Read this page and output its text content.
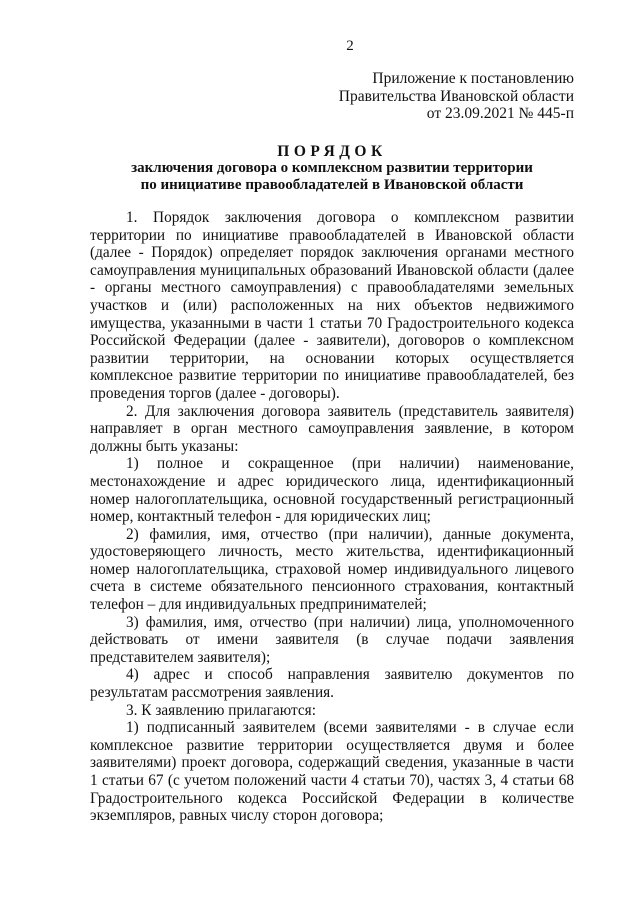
2
Приложение к постановлению
Правительства Ивановской области
от 23.09.2021 № 445-п
ПОРЯДОК
заключения договора о комплексном развитии территории
по инициативе правообладателей в Ивановской области

1. Порядок заключения договора о комплексном развитии территории по инициативе правообладателей в Ивановской области (далее - Порядок) определяет порядок заключения органами местного самоуправления муниципальных образований Ивановской области (далее - органы местного самоуправления) с правообладателями земельных участков и (или) расположенных на них объектов недвижимого имущества, указанными в части 1 статьи 70 Градостроительного кодекса Российской Федерации (далее - заявители), договоров о комплексном развитии территории, на основании которых осуществляется комплексное развитие территории по инициативе правообладателей, без проведения торгов (далее - договоры).

2. Для заключения договора заявитель (представитель заявителя) направляет в орган местного самоуправления заявление, в котором должны быть указаны:

1) полное и сокращенное (при наличии) наименование, местонахождение и адрес юридического лица, идентификационный номер налогоплательщика, основной государственный регистрационный номер, контактный телефон - для юридических лиц;

2) фамилия, имя, отчество (при наличии), данные документа, удостоверяющего личность, место жительства, идентификационный номер налогоплательщика, страховой номер индивидуального лицевого счета в системе обязательного пенсионного страхования, контактный телефон – для индивидуальных предпринимателей;

3) фамилия, имя, отчество (при наличии) лица, уполномоченного действовать от имени заявителя (в случае подачи заявления представителем заявителя);

4) адрес и способ направления заявителю документов по результатам рассмотрения заявления.

3. К заявлению прилагаются:

1) подписанный заявителем (всеми заявителями - в случае если комплексное развитие территории осуществляется двумя и более заявителями) проект договора, содержащий сведения, указанные в части 1 статьи 67 (с учетом положений части 4 статьи 70), частях 3, 4 статьи 68 Градостроительного кодекса Российской Федерации в количестве экземпляров, равных числу сторон договора;
